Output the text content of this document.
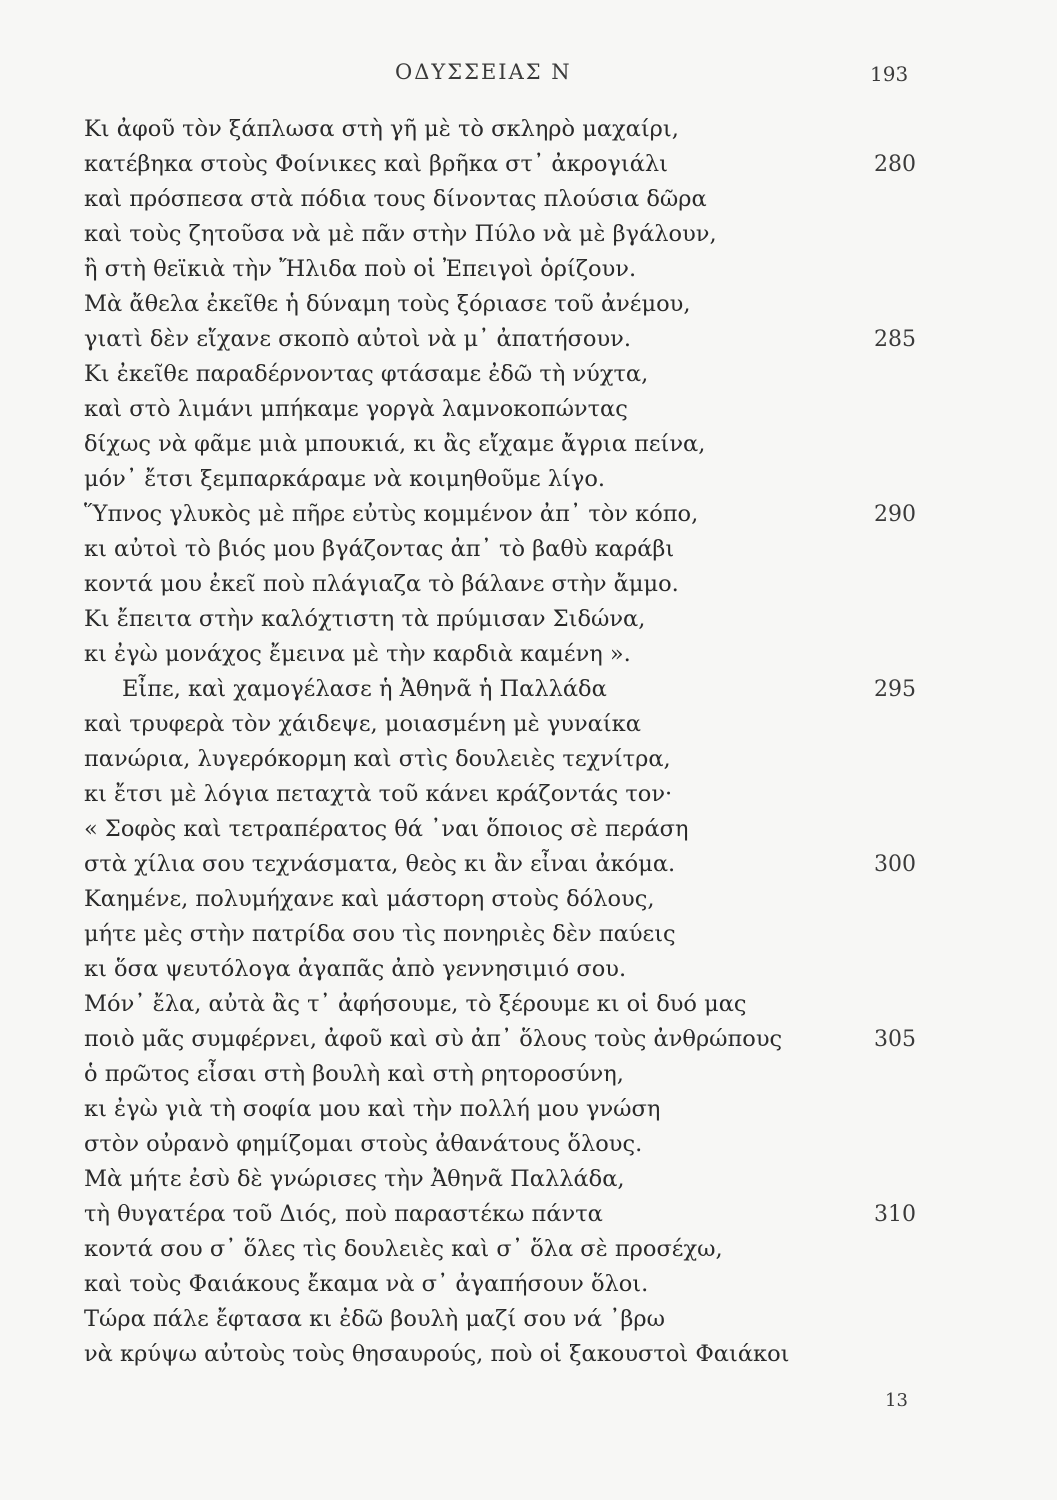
ΟΔΥΣΣΕΙΑΣ Ν	193
Κι ἀφοῦ τὸν ξάπλωσα στὴ γῆ μὲ τὸ σκληρὸ μαχαίρι,
κατέβηκα στοὺς Φοίνικες καὶ βρῆκα στ᾽ ἀκρογιάλι	280
καὶ πρόσπεσα στὰ πόδια τους δίνοντας πλούσια δῶρα
καὶ τοὺς ζητοῦσα νὰ μὲ πᾶν στὴν Πύλο νὰ μὲ βγάλουν,
ἢ στὴ θεϊκιὰ τὴν Ἤλιδα ποὺ οἱ Ἐπειγοὶ ὁρίζουν.
Μὰ ἄθελα ἐκεῖθε ἡ δύναμη τοὺς ξόριασε τοῦ ἀνέμου,
γιατὶ δὲν εἴχανε σκοπὸ αὐτοὶ νὰ μ᾽ ἀπατήσουν.	285
Κι ἐκεῖθε παραδέρνοντας φτάσαμε ἐδῶ τὴ νύχτα,
καὶ στὸ λιμάνι μπήκαμε γοργὰ λαμνοκοπώντας
δίχως νὰ φᾶμε μιὰ μπουκιά, κι ἂς εἴχαμε ἄγρια πείνα,
μόν᾽ ἔτσι ξεμπαρκάραμε νὰ κοιμηθοῦμε λίγο.
Ὕπνος γλυκὸς μὲ πῆρε εὐτὺς κομμένον ἀπ᾽ τὸν κόπο,	290
κι αὐτοὶ τὸ βιός μου βγάζοντας ἀπ᾽ τὸ βαθὺ καράβι
κοντά μου ἐκεῖ ποὺ πλάγιαζα τὸ βάλανε στὴν ἄμμο.
Κι ἔπειτα στὴν καλόχτιστη τὰ πρύμισαν Σιδώνα,
κι ἐγὼ μονάχος ἔμεινα μὲ τὴν καρδιὰ καμένη ».
Εἶπε, καὶ χαμογέλασε ἡ Ἀθηνᾶ ἡ Παλλάδα	295
καὶ τρυφερὰ τὸν χάιδεψε, μοιασμένη μὲ γυναίκα
πανώρια, λυγερόκορμη καὶ στὶς δουλειὲς τεχνίτρα,
κι ἔτσι μὲ λόγια πεταχτὰ τοῦ κάνει κράζοντάς τον·
« Σοφὸς καὶ τετραπέρατος θά ᾽ναι ὅποιος σὲ περάση
στὰ χίλια σου τεχνάσματα, θεὸς κι ἂν εἶναι ἀκόμα.	300
Καημένε, πολυμήχανε καὶ μάστορη στοὺς δόλους,
μήτε μὲς στὴν πατρίδα σου τὶς πονηριὲς δὲν παύεις
κι ὅσα ψευτόλογα ἀγαπᾶς ἀπὸ γεννησιμιό σου.
Μόν᾽ ἔλα, αὐτὰ ἂς τ᾽ ἀφήσουμε, τὸ ξέρουμε κι οἱ δυό μας
ποιὸ μᾶς συμφέρνει, ἀφοῦ καὶ σὺ ἀπ᾽ ὅλους τοὺς ἀνθρώπους	305
ὁ πρῶτος εἶσαι στὴ βουλὴ καὶ στὴ ρητοροσύνη,
κι ἐγὼ γιὰ τὴ σοφία μου καὶ τὴν πολλή μου γνώση
στὸν οὐρανὸ φημίζομαι στοὺς ἀθανάτους ὅλους.
Μὰ μήτε ἐσὺ δὲ γνώρισες τὴν Ἀθηνᾶ Παλλάδα,
τὴ θυγατέρα τοῦ Διός, ποὺ παραστέκω πάντα	310
κοντά σου σ᾽ ὅλες τὶς δουλειὲς καὶ σ᾽ ὅλα σὲ προσέχω,
καὶ τοὺς Φαιάκους ἔκαμα νὰ σ᾽ ἀγαπήσουν ὅλοι.
Τώρα πάλε ἔφτασα κι ἐδῶ βουλὴ μαζί σου νά ᾽βρω
νὰ κρύψω αὐτοὺς τοὺς θησαυρούς, ποὺ οἱ ξακουστοὶ Φαιάκοι
13
